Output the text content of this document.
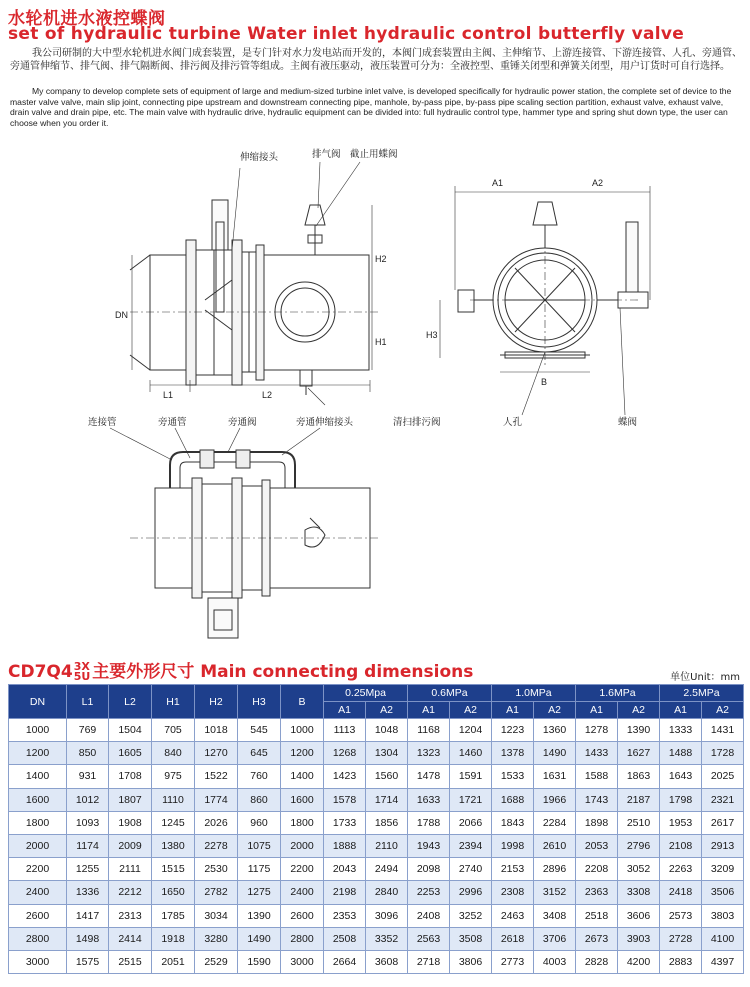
水轮机进水液控蝶阀
set of hydraulic turbine Water inlet hydraulic control butterfly valve
我公司研制的大中型水轮机进水阀门成套装置，是专门针对水力发电站而开发的，本阀门成套装置由主阀、主伸缩节、上游连接管、下游连接管、人孔、旁通管、旁通管伸缩节、排气阀、排气隔断阀、排污阀及排污管等组成。主阀有液压驱动，液压装置可分为：全液控型、重锤关闭型和弹簧关闭型，用户订货时可自行选择。
My company to develop complete sets of equipment of large and medium-sized turbine inlet valve, is developed specifically for hydraulic power station, the complete set of device to the master valve valve, main slip joint, connecting pipe upstream and downstream connecting pipe, manhole, by-pass pipe, by-pass pipe scaling section partition, exhaust valve, exhaust valve, drain valve and drain pipe, etc. The main valve with hydraulic drive, hydraulic equipment can be divided into: full hydraulic control type, hammer type and spring shut down type, the user can choose when you order it.
伸缩接头	排气阀 截止用蝶阀
连接管	旁通管	旁通阀	旁通伸缩接头	清扫排污阀	人孔	蝶阀
DN
L1	L2
H1
H2
H3
A1	A2
B
CD7Q43X
5U 主要外形尺寸 Main connecting dimensions	单位Unit：mm
DN	L1	L2	H1	H2	H3	B	0.25Mpa		0.6MPa		1.0MPa		1.6MPa		2.5MPa	
							A1	A2	A1	A2	A1	A2	A1	A2	A1	A2
1000	769	1504	705	1018	545	1000	1113	1048	1168	1204	1223	1360	1278	1390	1333	1431
1200	850	1605	840	1270	645	1200	1268	1304	1323	1460	1378	1490	1433	1627	1488	1728
1400	931	1708	975	1522	760	1400	1423	1560	1478	1591	1533	1631	1588	1863	1643	2025
1600	1012	1807	1110	1774	860	1600	1578	1714	1633	1721	1688	1966	1743	2187	1798	2321
1800	1093	1908	1245	2026	960	1800	1733	1856	1788	2066	1843	2284	1898	2510	1953	2617
2000	1174	2009	1380	2278	1075	2000	1888	2110	1943	2394	1998	2610	2053	2796	2108	2913
2200	1255	2111	1515	2530	1175	2200	2043	2494	2098	2740	2153	2896	2208	3052	2263	3209
2400	1336	2212	1650	2782	1275	2400	2198	2840	2253	2996	2308	3152	2363	3308	2418	3506
2600	1417	2313	1785	3034	1390	2600	2353	3096	2408	3252	2463	3408	2518	3606	2573	3803
2800	1498	2414	1918	3280	1490	2800	2508	3352	2563	3508	2618	3706	2673	3903	2728	4100
3000	1575	2515	2051	2529	1590	3000	2664	3608	2718	3806	2773	4003	2828	4200	2883	4397
